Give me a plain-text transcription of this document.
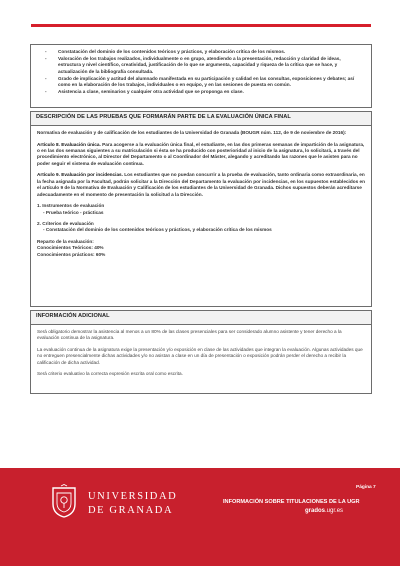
- Constatación del dominio de los contenidos teóricos y prácticos, y elaboración crítica de los mismos.
- Valoración de los trabajos realizados, individualmente o en grupo, atendiendo a la presentación, redacción y claridad de ideas, estructura y nivel científico, creatividad, justificación de lo que se argumenta, capacidad y riqueza de la crítica que se hace, y actualización de la bibliografía consultada.
- Grado de implicación y actitud del alumnado manifestada en su participación y calidad en las consultas, exposiciones y debates; así como en la elaboración de los trabajos, individuales o en equipo, y en las sesiones de puesta en común.
- Asistencia a clase, seminarios y cualquier otra actividad que se proponga en clase.
DESCRIPCIÓN DE LAS PRUEBAS QUE FORMARÁN PARTE DE LA EVALUACIÓN ÚNICA FINAL

Normativa de evaluación y de calificación de los estudiantes de la Universidad de Granada (BOUGR núm. 112, de 9 de noviembre de 2016):

Artículo 8. Evaluación única. Para acogerse a la evaluación única final, el estudiante, en las dos primeras semanas de impartición de la asignatura, o en las dos semanas siguientes a su matriculación si ésta se ha producido con posterioridad al inicio de la asignatura, lo solicitará, a través del procedimiento electrónico, al Director del Departamento o al Coordinador del Máster, alegando y acreditando las razones que le asisten para no poder seguir el sistema de evaluación continua.

Artículo 9. Evaluación por incidencias. Los estudiantes que no puedan concurrir a la prueba de evaluación, tanto ordinaria como extraordinaria, en la fecha asignada por la Facultad, podrán solicitar a la Dirección del Departamento la evaluación por incidencias, en los supuestos establecidos en el artículo 9 de la Normativa de Evaluación y Calificación de los estudiantes de la Universidad de Granada. Dichos supuestos deberán acreditarse adecuadamente en el momento de presentación la solicitud a la Dirección.

1. Instrumentos de evaluación

- Prueba teórico - prácticas

2. Criterios de evaluación

- Constatación del dominio de los contenidos teóricos y prácticos, y elaboración crítica de los mismos

Reparto de la evaluación:

Conocimientos Teóricos: 40%

Conocimientos prácticos: 60%

INFORMACIÓN ADICIONAL

Será obligatorio demostrar la asistencia al menos a un 80% de las clases presenciales para ser considerado alumno asistente y tener derecho a la evaluación continua de la asignatura.

La evaluación continua de la asignatura exige la presentación y/o exposición en clase de las actividades que integran la evaluación. Algunas actividades que no entreguen presencialmente dichas actividades y/o no asistan a clase en un día de presentación o exposición podrán perder el derecho a recibir la calificación de dicha actividad.

Será criterio evaluativo la correcta expresión escrita oral como escrita.

UNIVERSIDAD
DE GRANADA
Página 7
INFORMACIÓN SOBRE TITULACIONES DE LA UGR
grados.ugr.es
